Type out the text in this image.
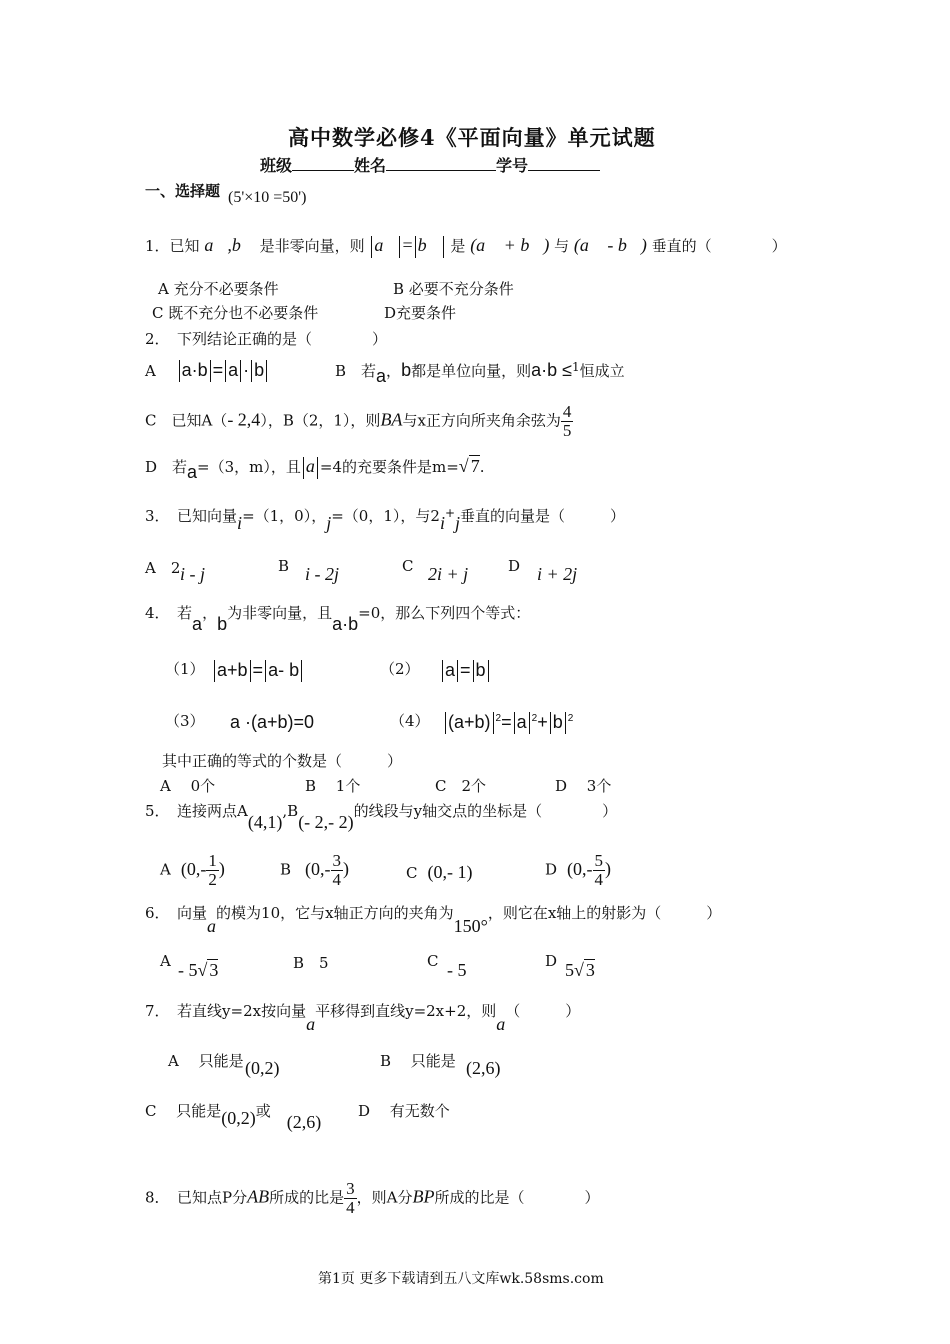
高中数学必修4《平面向量》单元试题
班级	姓名	学号
一、选择题 (5'×10 =50')
1．已知 a⃗,b⃗ 是非零向量，则 a⃗ = b⃗ 是 (a⃗ + b⃗) 与 (a⃗ - b⃗) 垂直的（　　　　）
A 充分不必要条件	B 必要不充分条件
C 既不充分也不必要条件	D充要条件
2．　下列结论正确的是（　　　　）
A a·b = a · b	B　若a，b都是单位向量，则a·b ≤$^1$恒成立
C　已知A（- 2,4），B（2，1），则BA与x正方向所夹角余弦为 $\frac{4}{5}$
D　若a=（3，m），且 a =4的充要条件是m=√ 7.
3．　已知向量i=（1，0），j=（0，1），与2i+j垂直的向量是（　　　）
A　2 i - j	B i - 2j	C 2i + j	D i + 2j
4．　若a，b为非零向量，且a·b=0，那么下列四个等式：
（1） a+b = a- b	（2） a = b
（3） a ·(a+b)=0	（4） (a+b) $^2$= a $^2$+ b $^2$
其中正确的等式的个数是（　　　）
A　 0个	B　 1个	C　2个	D　 3个
5．　连接两点A(4,1),B(- 2,- 2)的线段与y轴交点的坐标是（　　　　）
A ($0,- \frac{1}{2}$ )	B ($0,- \frac{3}{4}$ )	C (0,- 1)	D ($0,- \frac{5}{4}$ )
6．　向量a的模为10，它与x轴正方向的夹角为150°，则它在x轴上的射影为（　　　）
A - 5√ 3	B　5	C - 5	D 5√ 3
7．　若直线y=2x按向量a平移得到直线y=2x+2，则a（　　　）
A　 只能是 (0,2)	B　 只能是 (2,6)
C　 只能是(0,2)或(2,6)
D　 有无数个
8．　已知点P分AB所成的比是 $\frac{3}{4}$ ，则A分BP所成的比是（　　　　）
第1页 更多下载请到五八文库wk.58sms.com
